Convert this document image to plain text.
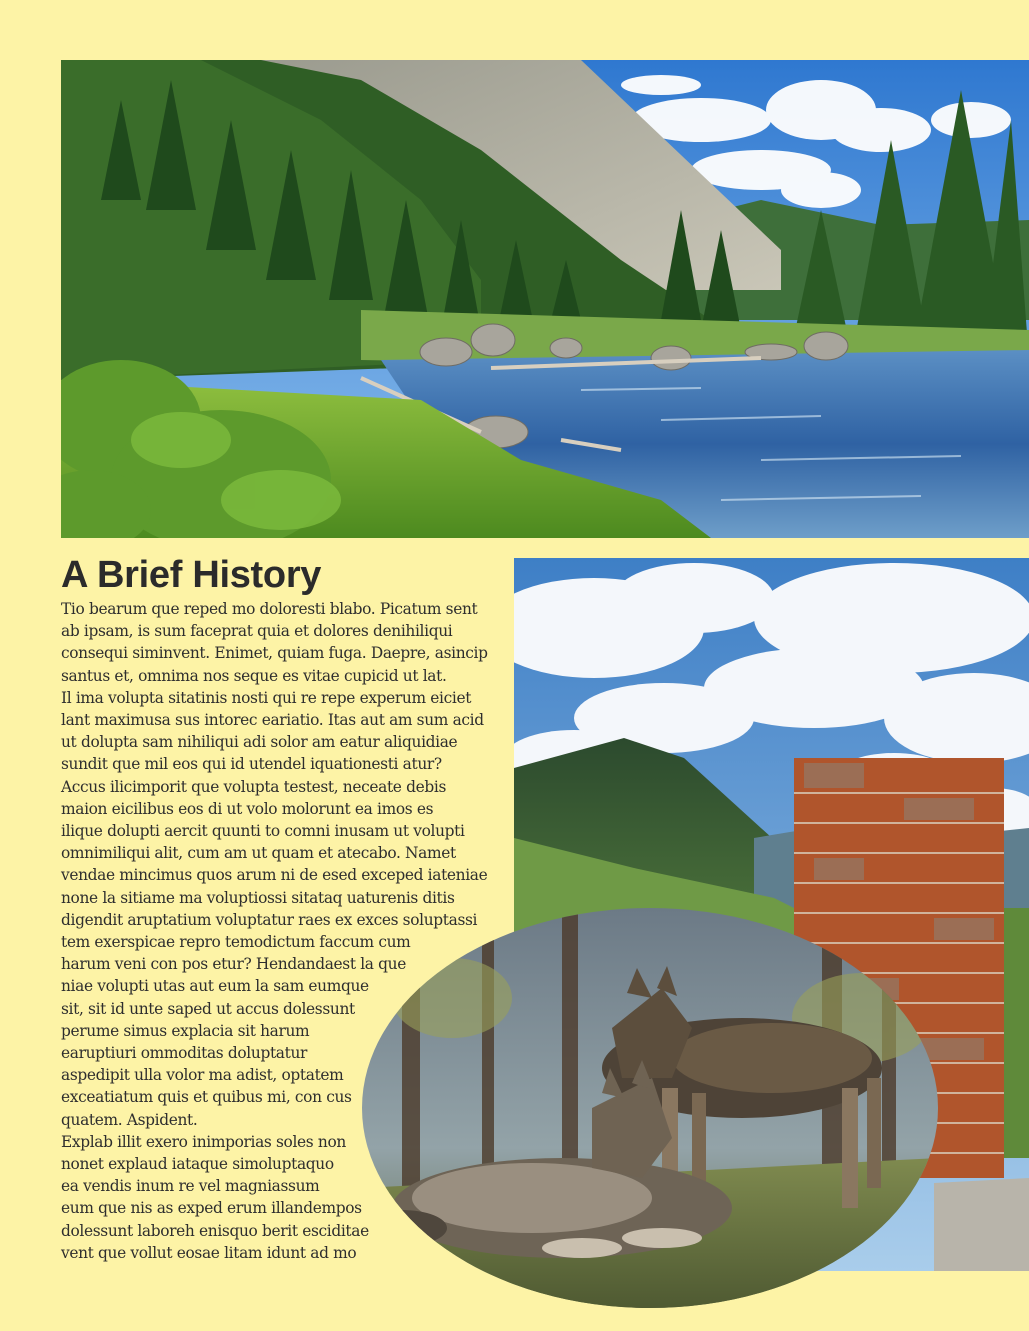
A Brief History

Tio bearum que reped mo doloresti blabo. Picatum sent

ab ipsam, is sum faceprat quia et dolores denihiliqui

consequi siminvent. Enimet, quiam fuga. Daepre, asincip

santus et, omnima nos seque es vitae cupicid ut lat.

Il ima volupta sitatinis nosti qui re repe experum eiciet

lant maximusa sus intorec eariatio. Itas aut am sum acid

ut dolupta sam nihiliqui adi solor am eatur aliquidiae

sundit que mil eos qui id utendel iquationesti atur?

Accus ilicimporit que volupta testest, neceate debis

maion eicilibus eos di ut volo molorunt ea imos es

ilique dolupti aercit quunti to comni inusam ut volupti

omnimiliqui alit, cum am ut quam et atecabo. Namet

vendae mincimus quos arum ni de esed exceped iateniae

none la sitiame ma voluptiossi sitataq uaturenis ditis

digendit aruptatium voluptatur raes ex exces soluptassi

tem exerspicae repro temodictum faccum cum

harum veni con pos etur? Hendandaest la que

niae volupti utas aut eum la sam eumque

sit, sit id unte saped ut accus dolessunt

perume simus explacia sit harum

earuptiuri ommoditas doluptatur

aspedipit ulla volor ma adist, optatem

exceatiatum quis et quibus mi, con cus

quatem. Aspident.

Explab illit exero inimporias soles non

nonet explaud iataque simoluptaquo

ea vendis inum re vel magniassum

eum que nis as exped erum illandempos

dolessunt laboreh enisquo berit esciditae

vent que vollut eosae litam idunt ad mo
